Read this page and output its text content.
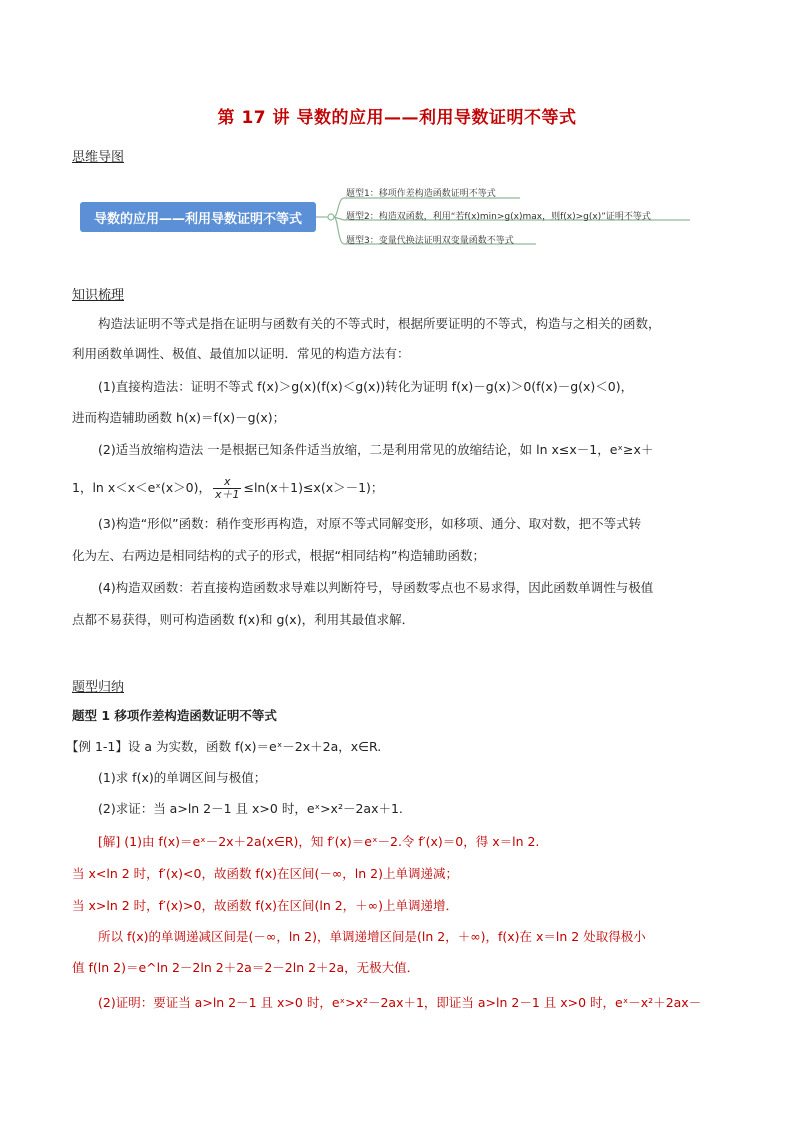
第 17 讲 导数的应用——利用导数证明不等式
思维导图
导数的应用——利用导数证明不等式
题型1：移项作差构造函数证明不等式
题型2：构造双函数，利用“若f(x)min>g(x)max，则f(x)>g(x)”证明不等式
题型3：变量代换法证明双变量函数不等式
知识梳理
构造法证明不等式是指在证明与函数有关的不等式时，根据所要证明的不等式，构造与之相关的函数，
利用函数单调性、极值、最值加以证明．常见的构造方法有：
(1)直接构造法：证明不等式 f(x)＞g(x)(f(x)＜g(x))转化为证明 f(x)－g(x)＞0(f(x)－g(x)＜0)，
进而构造辅助函数 h(x)＝f(x)－g(x)；
(2)适当放缩构造法 一是根据已知条件适当放缩，二是利用常见的放缩结论，如 ln x≤x－1，eˣ≥x＋
1，ln x＜x＜eˣ(x＞0)， $\frac{x}{x+1} \le\ln(x+1)\le x(x>-1)$；
(3)构造“形似”函数：稍作变形再构造，对原不等式同解变形，如移项、通分、取对数，把不等式转
化为左、右两边是相同结构的式子的形式，根据“相同结构”构造辅助函数；
(4)构造双函数：若直接构造函数求导难以判断符号，导函数零点也不易求得，因此函数单调性与极值
点都不易获得，则可构造函数 f(x)和 g(x)，利用其最值求解．
题型归纳
题型 1 移项作差构造函数证明不等式
【例 1-1】设 a 为实数，函数 f(x)＝eˣ－2x＋2a，x∈R.
(1)求 f(x)的单调区间与极值；
(2)求证：当 a>ln 2－1 且 x>0 时，eˣ>x²－2ax＋1.
[解] (1)由 f(x)＝eˣ－2x＋2a(x∈R)，知 f′(x)＝eˣ－2.令 f′(x)＝0，得 x＝ln 2.
当 x<ln 2 时，f′(x)<0，故函数 f(x)在区间(－∞，ln 2)上单调递减；
当 x>ln 2 时，f′(x)>0，故函数 f(x)在区间(ln 2，＋∞)上单调递增．
所以 f(x)的单调递减区间是(－∞，ln 2)，单调递增区间是(ln 2，＋∞)，f(x)在 x＝ln 2 处取得极小
值 f(ln 2)＝e^ln 2－2ln 2＋2a＝2－2ln 2＋2a，无极大值．
(2)证明：要证当 a>ln 2－1 且 x>0 时，eˣ>x²－2ax＋1，即证当 a>ln 2－1 且 x>0 时，eˣ－x²＋2ax－
